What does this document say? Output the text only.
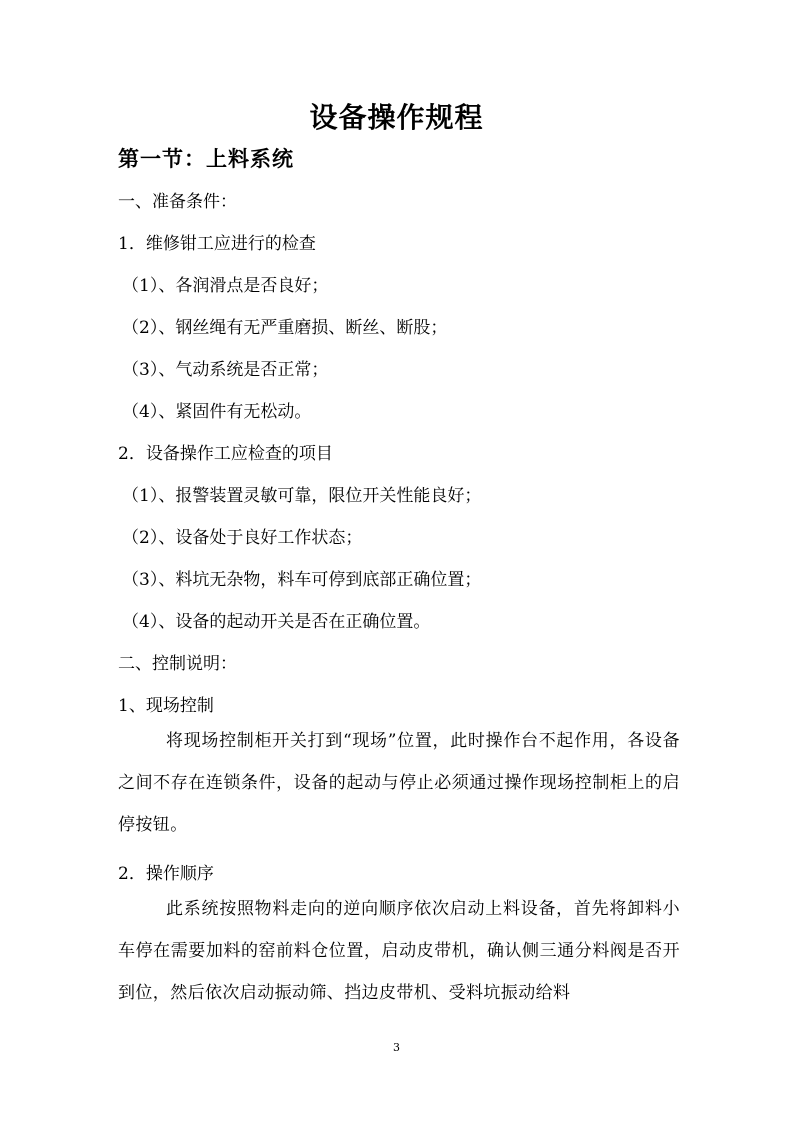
设备操作规程
第一节：上料系统
一、准备条件：
1．维修钳工应进行的检查
（1）、各润滑点是否良好；
（2）、钢丝绳有无严重磨损、断丝、断股；
（3）、气动系统是否正常；
（4）、紧固件有无松动。
2．设备操作工应检查的项目
（1）、报警装置灵敏可靠，限位开关性能良好；
（2）、设备处于良好工作状态；
（3）、料坑无杂物，料车可停到底部正确位置；
（4）、设备的起动开关是否在正确位置。
二、控制说明：
1、现场控制
将现场控制柜开关打到“现场”位置，此时操作台不起作用，各设备之间不存在连锁条件，设备的起动与停止必须通过操作现场控制柜上的启停按钮。
2．操作顺序
此系统按照物料走向的逆向顺序依次启动上料设备，首先将卸料小车停在需要加料的窑前料仓位置，启动皮带机，确认侧三通分料阀是否开到位，然后依次启动振动筛、挡边皮带机、受料坑振动给料
3
